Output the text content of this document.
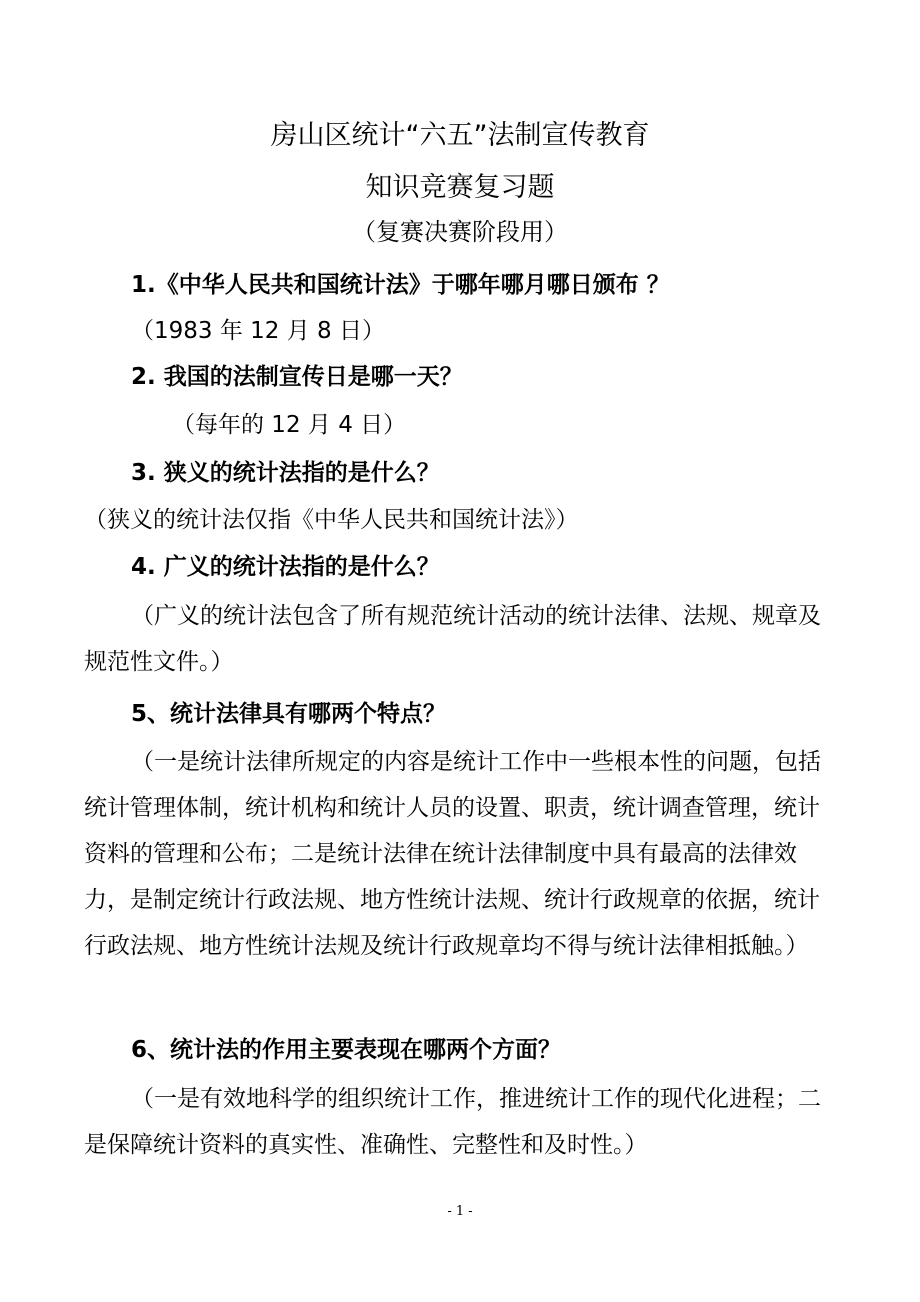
房山区统计“六五”法制宣传教育
知识竞赛复习题
（复赛决赛阶段用）
1.《中华人民共和国统计法》于哪年哪月哪日颁布 ？
（1983 年 12 月 8 日）
2. 我国的法制宣传日是哪一天？
（每年的 12 月 4 日）
3. 狭义的统计法指的是什么？
（狭义的统计法仅指《中华人民共和国统计法》）
4. 广义的统计法指的是什么？
（广义的统计法包含了所有规范统计活动的统计法律、法规、规章及规范性文件。）
5、统计法律具有哪两个特点？
（一是统计法律所规定的内容是统计工作中一些根本性的问题，包括统计管理体制，统计机构和统计人员的设置、职责，统计调查管理，统计资料的管理和公布；二是统计法律在统计法律制度中具有最高的法律效力，是制定统计行政法规、地方性统计法规、统计行政规章的依据，统计行政法规、地方性统计法规及统计行政规章均不得与统计法律相抵触。）
6、统计法的作用主要表现在哪两个方面？
（一是有效地科学的组织统计工作，推进统计工作的现代化进程；二是保障统计资料的真实性、准确性、完整性和及时性。）
- 1 -
